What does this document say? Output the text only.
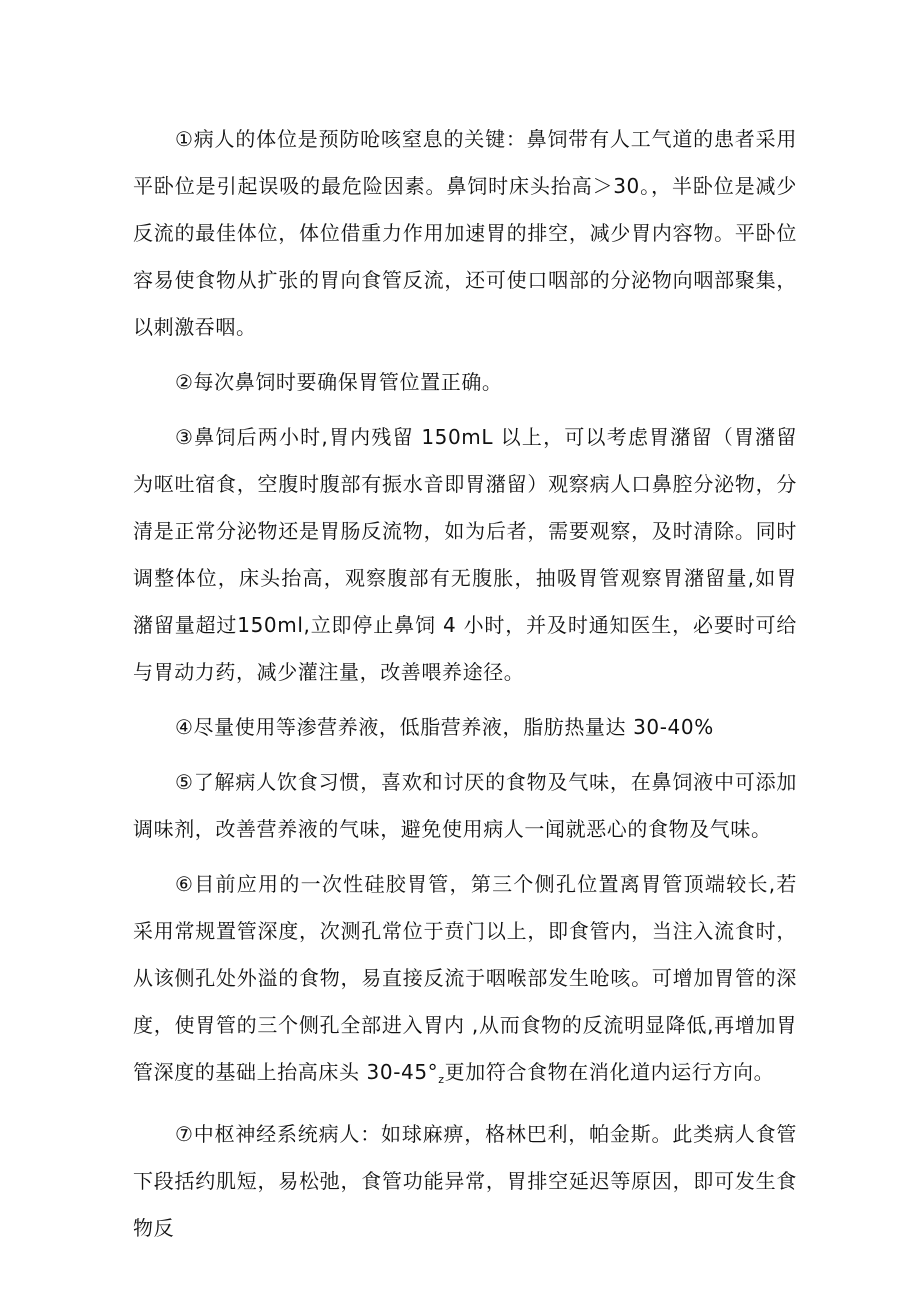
①病人的体位是预防呛咳窒息的关键：鼻饲带有人工气道的患者采用平卧位是引起误吸的最危险因素。鼻饲时床头抬高＞30。，半卧位是减少反流的最佳体位，体位借重力作用加速胃的排空，减少胃内容物。平卧位容易使食物从扩张的胃向食管反流，还可使口咽部的分泌物向咽部聚集，以刺激吞咽。

②每次鼻饲时要确保胃管位置正确。

③鼻饲后两小时,胃内残留 150mL 以上，可以考虑胃潴留（胃潴留为呕吐宿食，空腹时腹部有振水音即胃潴留）观察病人口鼻腔分泌物，分清是正常分泌物还是胃肠反流物，如为后者，需要观察，及时清除。同时调整体位，床头抬高，观察腹部有无腹胀，抽吸胃管观察胃潴留量,如胃潴留量超过150ml,立即停止鼻饲 4 小时，并及时通知医生，必要时可给与胃动力药，减少灌注量，改善喂养途径。

④尽量使用等渗营养液，低脂营养液，脂肪热量达 30-40%

⑤了解病人饮食习惯，喜欢和讨厌的食物及气味，在鼻饲液中可添加调味剂，改善营养液的气味，避免使用病人一闻就恶心的食物及气味。

⑥目前应用的一次性硅胶胃管，第三个侧孔位置离胃管顶端较长,若采用常规置管深度，次测孔常位于贲门以上，即食管内，当注入流食时，从该侧孔处外溢的食物，易直接反流于咽喉部发生呛咳。可增加胃管的深度，使胃管的三个侧孔全部进入胃内 ,从而食物的反流明显降低,再增加胃管深度的基础上抬高床头 $30-45^\circ_z$更加符合食物在消化道内运行方向。

⑦中枢神经系统病人：如球麻痹，格林巴利，帕金斯。此类病人食管下段括约肌短，易松弛，食管功能异常，胃排空延迟等原因，即可发生食物反
